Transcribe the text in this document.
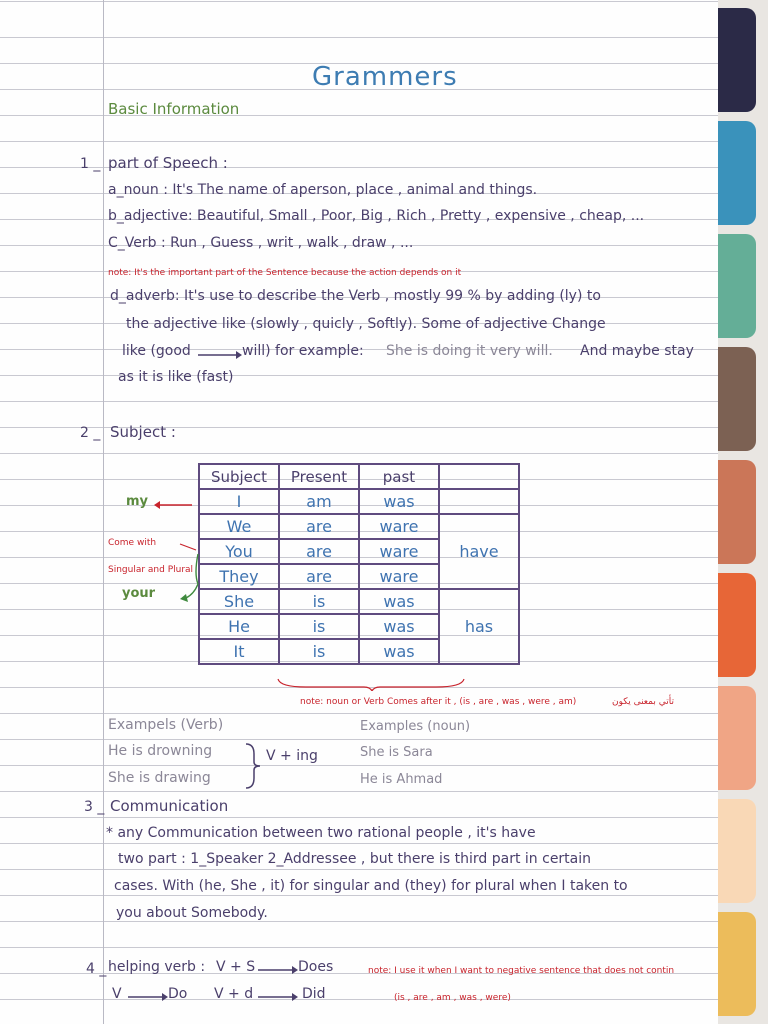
Grammers
Basic Information
1 _ part of Speech :
a_noun : It's The name of aperson, place , animal and things.
b_adjective: Beautiful, Small , Poor, Big , Rich , Pretty , expensive , cheap, ...
C_Verb : Run , Guess , writ , walk , draw , ...
note: It's the important part of the Sentence because the action depends on it
d_adverb: It's use to describe the Verb , mostly 99 % by adding (ly) to
the adjective like (slowly , quicly , Softly). Some of adjective Change
like (good	will) for example: She is doing it very will. And maybe stay
as it is like (fast)
2 _ Subject :
Subject	Present	past	
I	am	was	
We	are	ware	have
You	are	ware	
They	are	ware	
She	is	was	has
He	is	was	
It	is	was	
my
Come with
Singular and Plural
your
note: noun or Verb Comes after it , (is , are , was , were , am)	تأتي بمعنى يكون
Exampels (Verb)
He is drowning
She is drawing
V + ing
Examples (noun)
She is Sara
He is Ahmad
3 _ Communication
* any Communication between two rational people , it's have
two part : 1_Speaker 2_Addressee , but there is third part in certain
cases. With (he, She , it) for singular and (they) for plural when I taken to
you about Somebody.
4 _ helping verb : V + S	Does
V	Do V + d	Did
note: I use it when I want to negative sentence that does not contin
(is , are , am , was , were)
